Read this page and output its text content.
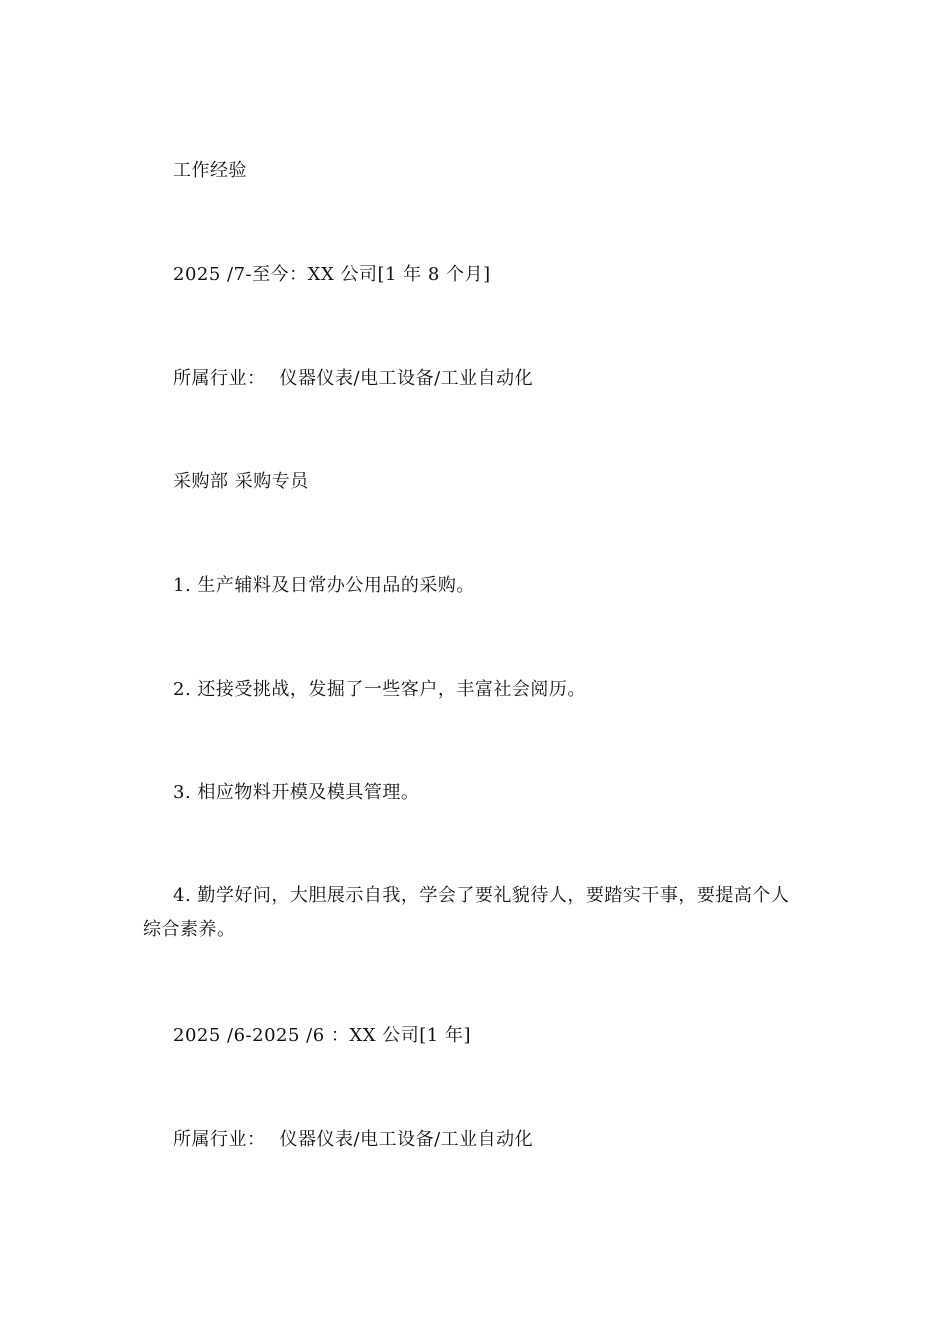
工作经验
2025 /7-至今：XX 公司[1 年 8 个月]
所属行业： 仪器仪表/电工设备/工业自动化
采购部 采购专员
1. 生产辅料及日常办公用品的采购。
2. 还接受挑战，发掘了一些客户，丰富社会阅历。
3. 相应物料开模及模具管理。
4. 勤学好问，大胆展示自我，学会了要礼貌待人，要踏实干事，要提高个人综合素养。
2025 /6-2025 /6 ：XX 公司[1 年]
所属行业： 仪器仪表/电工设备/工业自动化
